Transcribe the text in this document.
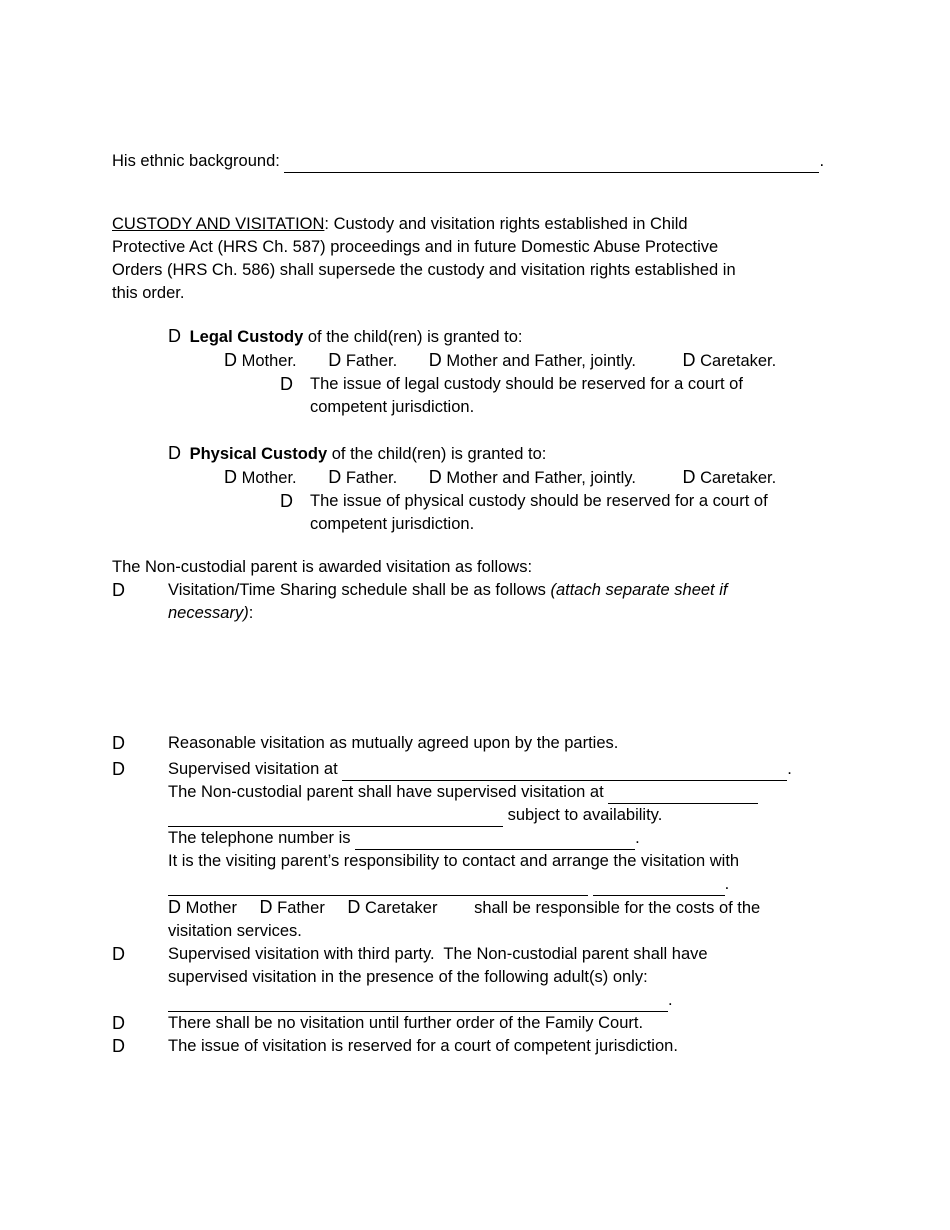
His ethnic background:	.

CUSTODY AND VISITATION: Custody and visitation rights established in Child
Protective Act (HRS Ch. 587) proceedings and in future Domestic Abuse Protective
Orders (HRS Ch. 586) shall supersede the custody and visitation rights established in
this order.

D Legal Custody of the child(ren) is granted to:
D Mother. D Father. D Mother and Father, jointly.	D Caretaker.
D	The issue of legal custody should be reserved for a court of
competent jurisdiction.
D Physical Custody of the child(ren) is granted to:
D Mother. D Father. D Mother and Father, jointly.	D Caretaker.
D	The issue of physical custody should be reserved for a court of
competent jurisdiction.

The Non-custodial parent is awarded visitation as follows:

D	Visitation/Time Sharing schedule shall be as follows (attach separate sheet if
necessary):
D	Reasonable visitation as mutually agreed upon by the parties.
D	Supervised visitation at	.
The Non-custodial parent shall have supervised visitation at
subject to availability.
The telephone number is	.
It is the visiting parent’s responsibility to contact and arrange the visitation with
.
D Mother D Father D Caretaker shall be responsible for the costs of the
visitation services.
D	Supervised visitation with third party.  The Non-custodial parent shall have
supervised visitation in the presence of the following adult(s) only:
.
D	There shall be no visitation until further order of the Family Court.
D	The issue of visitation is reserved for a court of competent jurisdiction.
